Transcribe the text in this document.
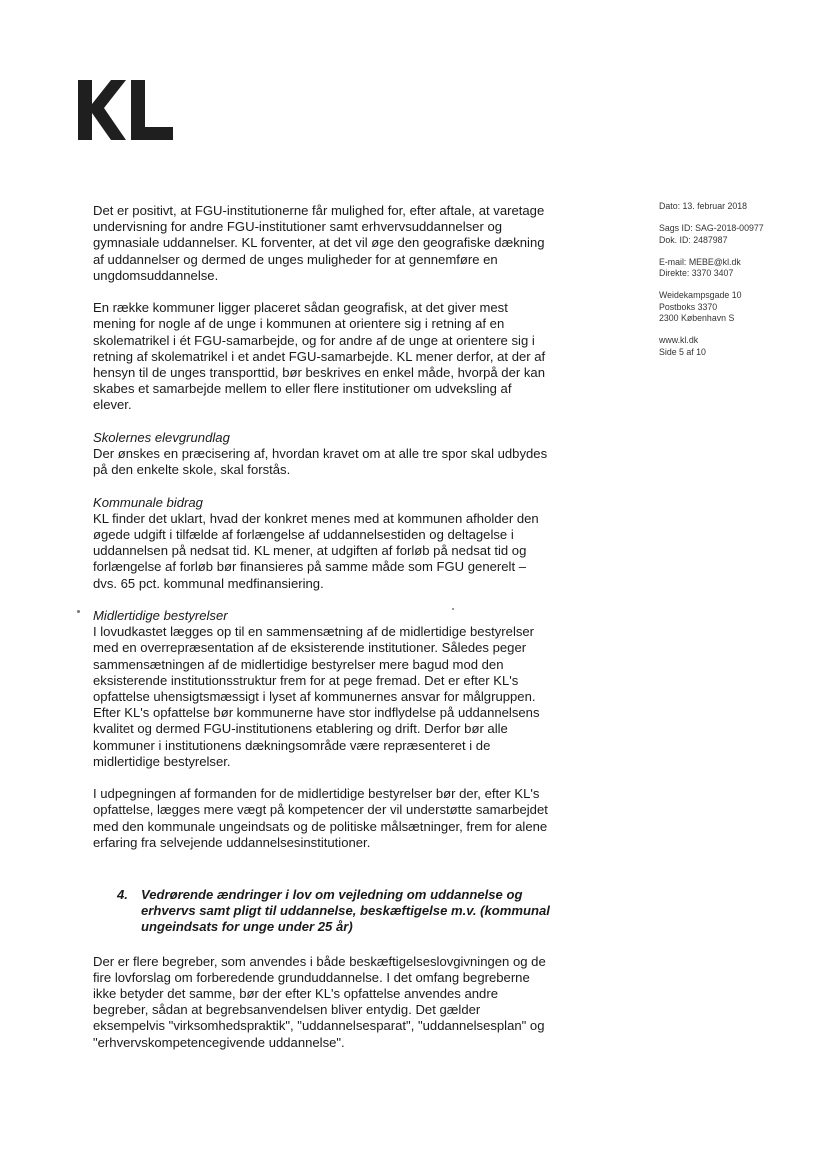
Det er positivt, at FGU-institutionerne får mulighed for, efter aftale, at varetage undervisning for andre FGU-institutioner samt erhvervsuddannelser og gymnasiale uddannelser. KL forventer, at det vil øge den geografiske dækning af uddannelser og dermed de unges muligheder for at gennemføre en ungdomsuddannelse.

En række kommuner ligger placeret sådan geografisk, at det giver mest mening for nogle af de unge i kommunen at orientere sig i retning af en skolematrikel i ét FGU-samarbejde, og for andre af de unge at orientere sig i retning af skolematrikel i et andet FGU-samarbejde. KL mener derfor, at der af hensyn til de unges transporttid, bør beskrives en enkel måde, hvorpå der kan skabes et samarbejde mellem to eller flere institutioner om udveksling af elever.

Skolernes elevgrundlag

Der ønskes en præcisering af, hvordan kravet om at alle tre spor skal udbydes på den enkelte skole, skal forstås.

Kommunale bidrag

KL finder det uklart, hvad der konkret menes med at kommunen afholder den øgede udgift i tilfælde af forlængelse af uddannelsestiden og deltagelse i uddannelsen på nedsat tid. KL mener, at udgiften af forløb på nedsat tid og forlængelse af forløb bør finansieres på samme måde som FGU generelt – dvs. 65 pct. kommunal medfinansiering.

Midlertidige bestyrelser

I lovudkastet lægges op til en sammensætning af de midlertidige bestyrelser med en overrepræsentation af de eksisterende institutioner. Således peger sammensætningen af de midlertidige bestyrelser mere bagud mod den eksisterende institutionsstruktur frem for at pege fremad. Det er efter KL's opfattelse uhensigtsmæssigt i lyset af kommunernes ansvar for målgruppen. Efter KL's opfattelse bør kommunerne have stor indflydelse på uddannelsens kvalitet og dermed FGU-institutionens etablering og drift. Derfor bør alle kommuner i institutionens dækningsområde være repræsenteret i de midlertidige bestyrelser.

I udpegningen af formanden for de midlertidige bestyrelser bør der, efter KL's opfattelse, lægges mere vægt på kompetencer der vil understøtte samarbejdet med den kommunale ungeindsats og de politiske målsætninger, frem for alene erfaring fra selvejende uddannelsesinstitutioner.

4. Vedrørende ændringer i lov om vejledning om uddannelse og erhvervs samt pligt til uddannelse, beskæftigelse m.v. (kommunal ungeindsats for unge under 25 år)

Der er flere begreber, som anvendes i både beskæftigelseslovgivningen og de fire lovforslag om forberedende grunduddannelse. I det omfang begreberne ikke betyder det samme, bør der efter KL's opfattelse anvendes andre begreber, sådan at begrebsanvendelsen bliver entydig. Det gælder eksempelvis "virksomhedspraktik", "uddannelsesparat", "uddannelsesplan" og "erhvervskompetencegivende uddannelse".

Dato: 13. februar 2018
Sags ID: SAG-2018-00977
Dok. ID: 2487987
E-mail: MEBE@kl.dk
Direkte: 3370 3407
Weidekampsgade 10
Postboks 3370
2300 København S
www.kl.dk
Side 5 af 10
